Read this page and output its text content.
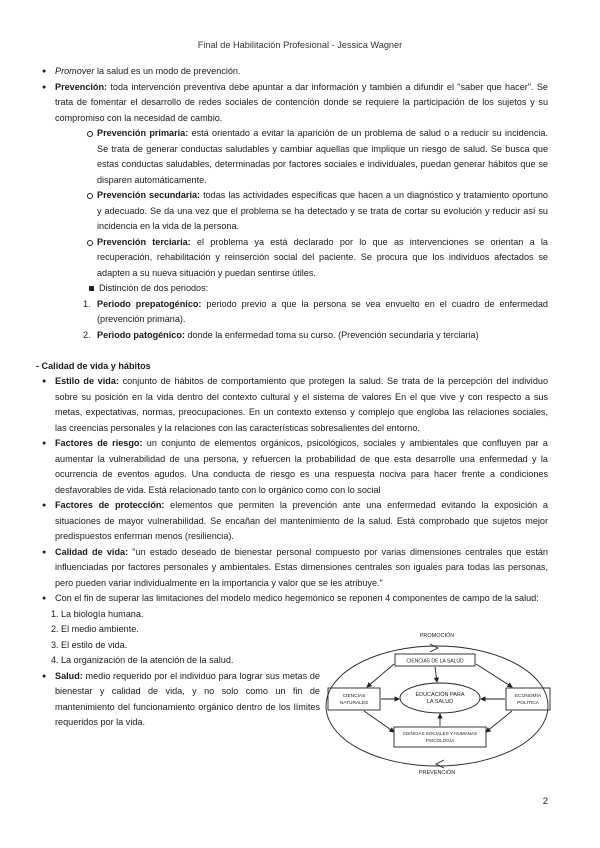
Final de Habilitación Profesional - Jessica Wagner

● Promover la salud es un modo de prevención.

● Prevención: toda intervención preventiva debe apuntar a dar información y también a difundir el "saber que hacer". Se trata de fomentar el desarrollo de redes sociales de contención donde se requiere la participación de los sujetos y su compromiso con la necesidad de cambio.

Prevención primaria: está orientado a evitar la aparición de un problema de salud o a reducir su incidencia. Se trata de generar conductas saludables y cambiar aquellas que implique un riesgo de salud. Se busca que estas conductas saludables, determinadas por factores sociales e individuales, puedan generar hábitos que se disparen automáticamente.

Prevención secundaria: todas las actividades específicas que hacen a un diagnóstico y tratamiento oportuno y adecuado. Se da una vez que el problema se ha detectado y se trata de cortar su evolución y reducir así su incidencia en la vida de la persona.

Prevención terciaria: el problema ya está declarado por lo que as intervenciones se orientan a la recuperación, rehabilitación y reinserción social del paciente. Se procura que los individuos afectados se adapten a su nueva situación y puedan sentirse útiles.

Distinción de dos periodos:

1. Periodo prepatogénico: periodo previo a que la persona se vea envuelto en el cuadro de enfermedad (prevención primaria).

2. Periodo patogénico: donde la enfermedad toma su curso. (Prevención secundaria y terciaria)

- Calidad de vida y hábitos

● Estilo de vida: conjunto de hábitos de comportamiento que protegen la salud. Se trata de la percepción del individuo sobre su posición en la vida dentro del contexto cultural y el sistema de valores En el que vive y con respecto a sus metas, expectativas, normas, preocupaciones. En un contexto extenso y complejo que engloba las relaciones sociales, las creencias personales y la relaciones con las características sobresalientes del entorno.

● Factores de riesgo: un conjunto de elementos orgánicos, psicológicos, sociales y ambientales que confluyen par a aumentar la vulnerabilidad de una persona, y refuercen la probabilidad de que esta desarrolle una enfermedad y la ocurrencia de eventos agudos. Una conducta de riesgo es una respuesta nociva para hacer frente a condiciones desfavorables de vida. Está relacionado tanto con lo orgánico como con lo social

● Factores de protección: elementos que permiten la prevención ante una enfermedad evitando la exposición a situaciones de mayor vulnerabilidad. Se encañan del mantenimiento de la salud. Está comprobado que sujetos mejor predispuestos enferman menos (resiliencia).

● Calidad de vida: "un estado deseado de bienestar personal compuesto por varias dimensiones centrales que están influenciadas por factores personales y ambientales. Estas dimensiones centrales son iguales para todas las personas, pero pueden variar individualmente en la importancia y valor que se les atribuye."

● Con el fin de superar las limitaciones del modelo medico hegemónico se reponen 4 componentes de campo de la salud:

1. La biología humana.

2. El medio ambiente.

3. El estilo de vida.

4. La organización de la atención de la salud.

● Salud: medio requerido por el individuo para lograr sus metas de bienestar y calidad de vida, y no solo como un fin de mantenimiento del funcionamiento orgánico dentro de los límites requeridos por la vida.

PROMOCIÓN
CIENCIAS DE LA SALUD
CIENCIAS
NATURALES
ECONOMÍA
POLÍTICA
CIENCIAS SOCIALES Y HUMANAS
PSICOLOGÍA
EDUCACIÓN PARA
LA SALUD
PREVENCIÓN
2
